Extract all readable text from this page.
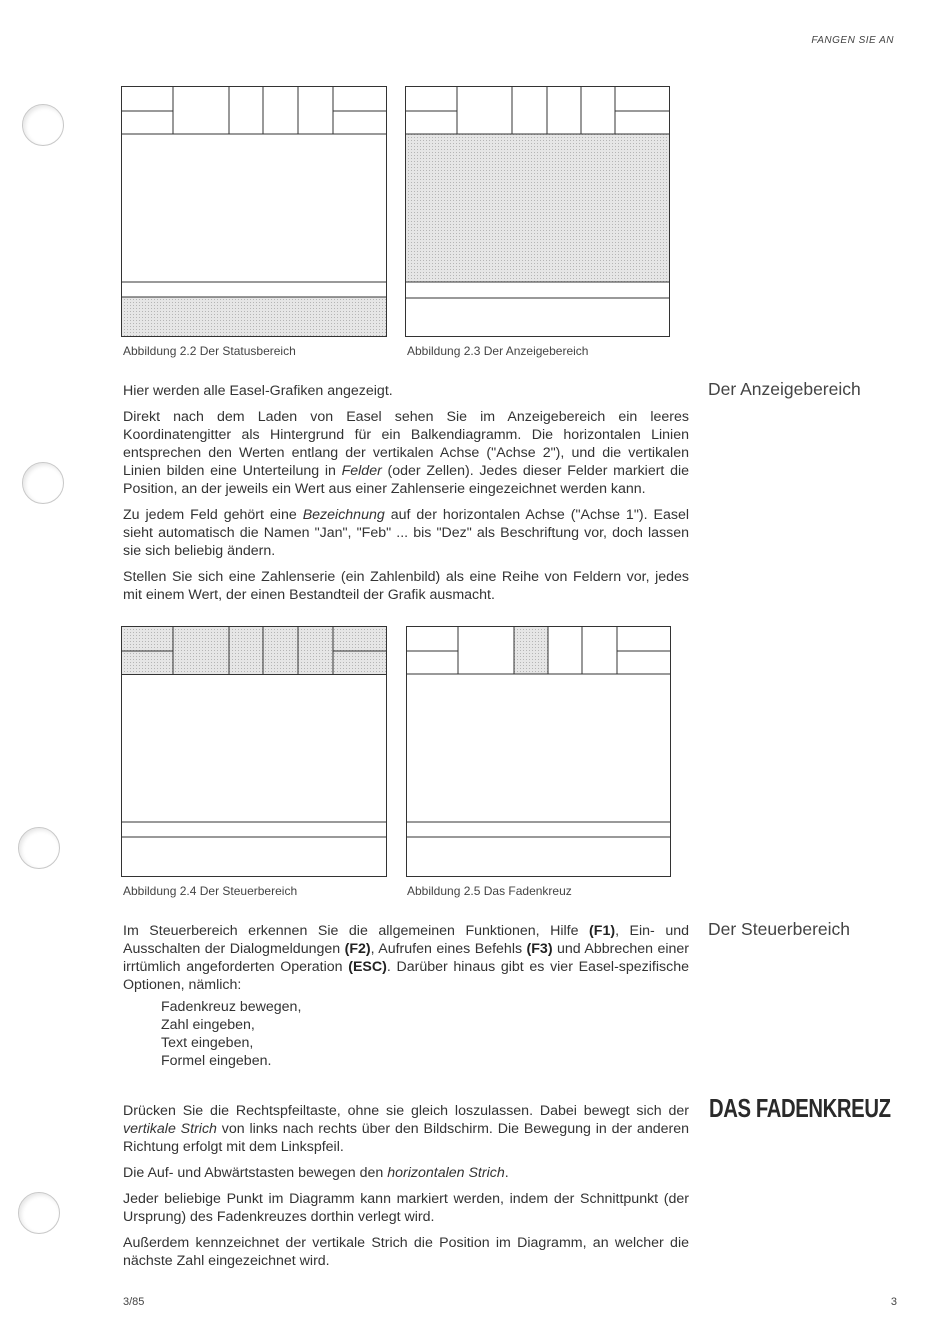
FANGEN SIE AN
Abbildung 2.2 Der Statusbereich	Abbildung 2.3 Der Anzeigebereich
Der Anzeigebereich

Hier werden alle Easel-Grafiken angezeigt.

Direkt nach dem Laden von Easel sehen Sie im Anzeigebereich ein leeres Koordinatengitter als Hintergrund für ein Balkendiagramm. Die horizontalen Linien entsprechen den Werten entlang der vertikalen Achse ("Achse 2"), und die vertikalen Linien bilden eine Unterteilung in Felder (oder Zellen). Jedes dieser Felder markiert die Position, an der jeweils ein Wert aus einer Zahlenserie eingezeichnet werden kann.

Zu jedem Feld gehört eine Bezeichnung auf der horizontalen Achse ("Achse 1"). Easel sieht automatisch die Namen "Jan", "Feb" ... bis "Dez" als Beschriftung vor, doch lassen sie sich beliebig ändern.

Stellen Sie sich eine Zahlenserie (ein Zahlenbild) als eine Reihe von Feldern vor, jedes mit einem Wert, der einen Bestandteil der Grafik ausmacht.

Abbildung 2.4 Der Steuerbereich	Abbildung 2.5 Das Fadenkreuz
Der Steuerbereich

Im Steuerbereich erkennen Sie die allgemeinen Funktionen, Hilfe (F1), Ein- und Ausschalten der Dialogmeldungen (F2), Aufrufen eines Befehls (F3) und Abbrechen einer irrtümlich angeforderten Operation (ESC). Darüber hinaus gibt es vier Easel-spezifische Optionen, nämlich:

Fadenkreuz bewegen,
Zahl eingeben,
Text eingeben,
Formel eingeben.
DAS FADENKREUZ

Drücken Sie die Rechtspfeiltaste, ohne sie gleich loszulassen. Dabei bewegt sich der vertikale Strich von links nach rechts über den Bildschirm. Die Bewegung in der anderen Richtung erfolgt mit dem Linkspfeil.

Die Auf- und Abwärtstasten bewegen den horizontalen Strich.

Jeder beliebige Punkt im Diagramm kann markiert werden, indem der Schnittpunkt (der Ursprung) des Fadenkreuzes dorthin verlegt wird.

Außerdem kennzeichnet der vertikale Strich die Position im Diagramm, an welcher die nächste Zahl eingezeichnet wird.

3/85	3
